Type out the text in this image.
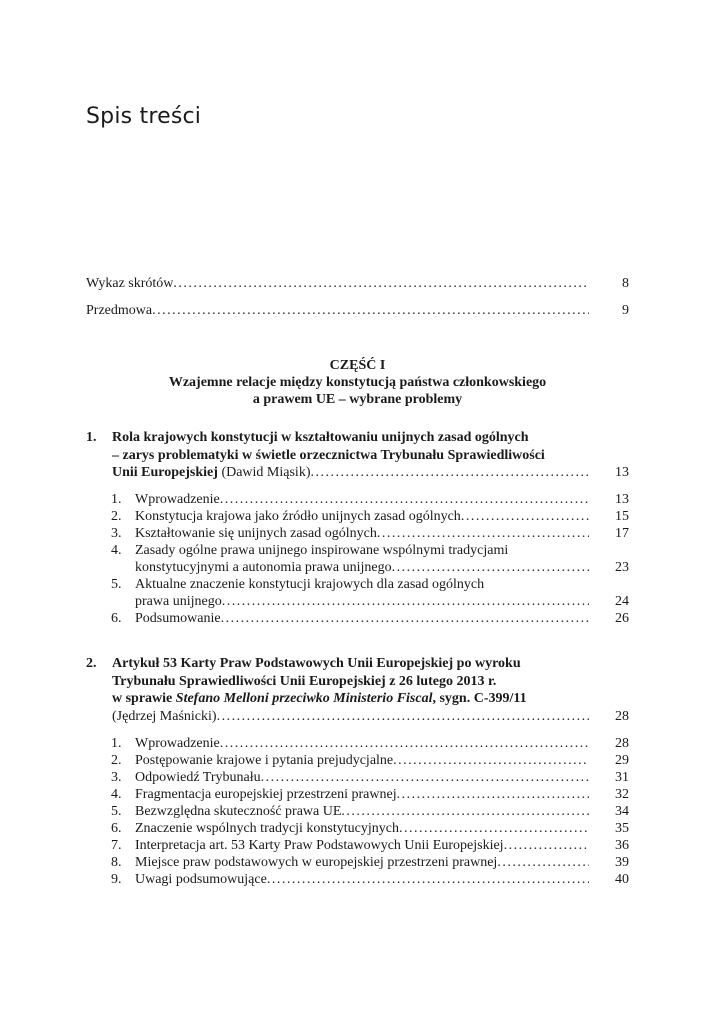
Spis treści
Wykaz skrótów . . .	8
Przedmowa . . .	9
CZĘŚĆ I
Wzajemne relacje między konstytucją państwa członkowskiego
a prawem UE – wybrane problemy
1. Rola krajowych konstytucji w kształtowaniu unijnych zasad ogólnych
– zarys problematyki w świetle orzecznictwa Trybunału Sprawiedliwości
Unii Europejskiej (Dawid Miąsik) . . .	13
1. Wprowadzenie . . .	13
2. Konstytucja krajowa jako źródło unijnych zasad ogólnych . . .	15
3. Kształtowanie się unijnych zasad ogólnych . . .	17
4. Zasady ogólne prawa unijnego inspirowane wspólnymi tradycjami
konstytucyjnymi a autonomia prawa unijnego . . .	23
5. Aktualne znaczenie konstytucji krajowych dla zasad ogólnych
prawa unijnego . . .	24
6. Podsumowanie . . .	26
2. Artykuł 53 Karty Praw Podstawowych Unii Europejskiej po wyroku
Trybunału Sprawiedliwości Unii Europejskiej z 26 lutego 2013 r.
w sprawie Stefano Melloni przeciwko Ministerio Fiscal, sygn. C-399/11
(Jędrzej Maśnicki) . . .	28
1. Wprowadzenie . . .	28
2. Postępowanie krajowe i pytania prejudycjalne . . .	29
3. Odpowiedź Trybunału . . .	31
4. Fragmentacja europejskiej przestrzeni prawnej . . .	32
5. Bezwzględna skuteczność prawa UE . . .	34
6. Znaczenie wspólnych tradycji konstytucyjnych . . .	35
7. Interpretacja art. 53 Karty Praw Podstawowych Unii Europejskiej . . .	36
8. Miejsce praw podstawowych w europejskiej przestrzeni prawnej . . .	39
9. Uwagi podsumowujące . . .	40
